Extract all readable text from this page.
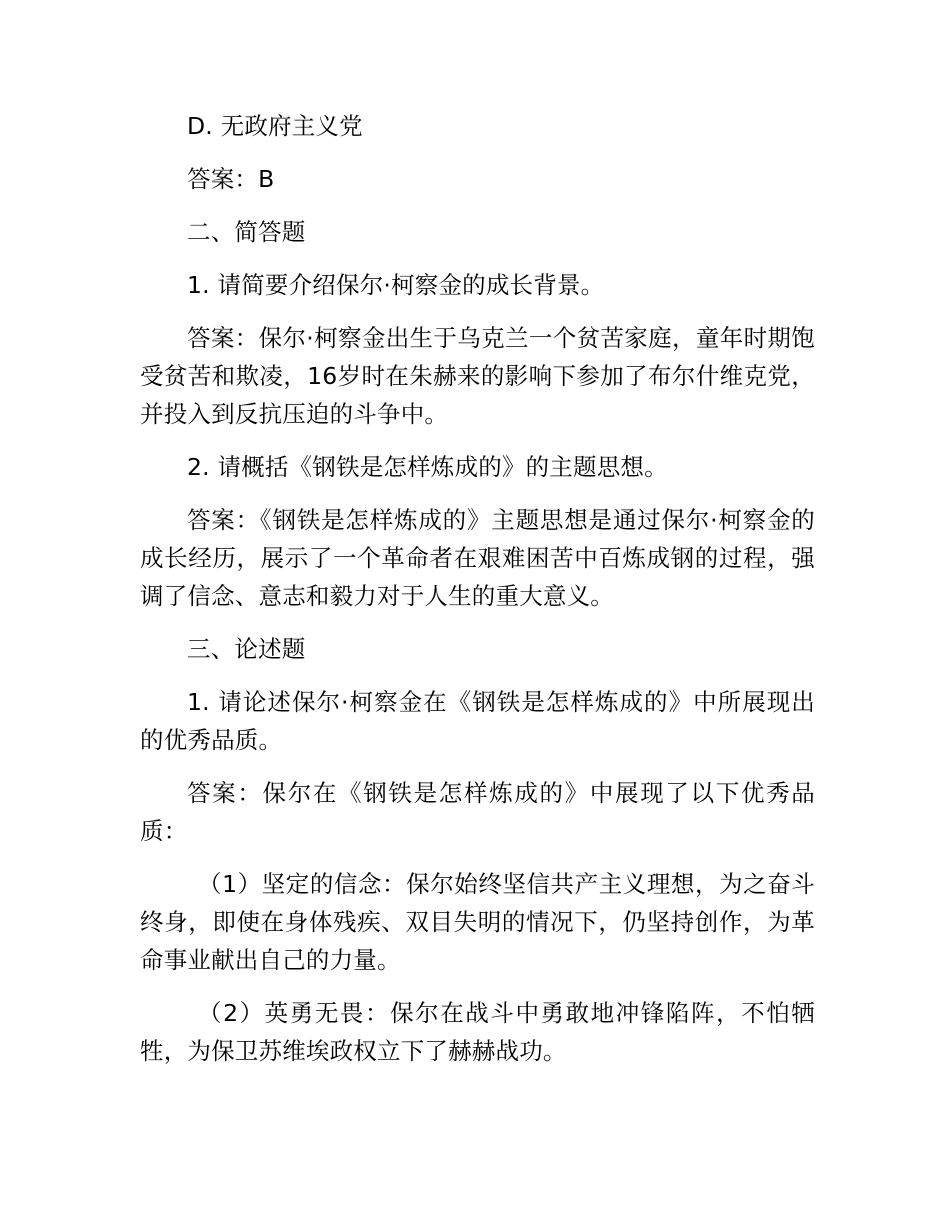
D. 无政府主义党

答案：B

二、简答题

1. 请简要介绍保尔·柯察金的成长背景。

答案：保尔·柯察金出生于乌克兰一个贫苦家庭，童年时期饱受贫苦和欺凌，16岁时在朱赫来的影响下参加了布尔什维克党，并投入到反抗压迫的斗争中。

2. 请概括《钢铁是怎样炼成的》的主题思想。

答案：《钢铁是怎样炼成的》主题思想是通过保尔·柯察金的成长经历，展示了一个革命者在艰难困苦中百炼成钢的过程，强调了信念、意志和毅力对于人生的重大意义。

三、论述题

1. 请论述保尔·柯察金在《钢铁是怎样炼成的》中所展现出的优秀品质。

答案：保尔在《钢铁是怎样炼成的》中展现了以下优秀品质：

（1）坚定的信念：保尔始终坚信共产主义理想，为之奋斗终身，即使在身体残疾、双目失明的情况下，仍坚持创作，为革命事业献出自己的力量。

（2）英勇无畏：保尔在战斗中勇敢地冲锋陷阵，不怕牺牲，为保卫苏维埃政权立下了赫赫战功。
